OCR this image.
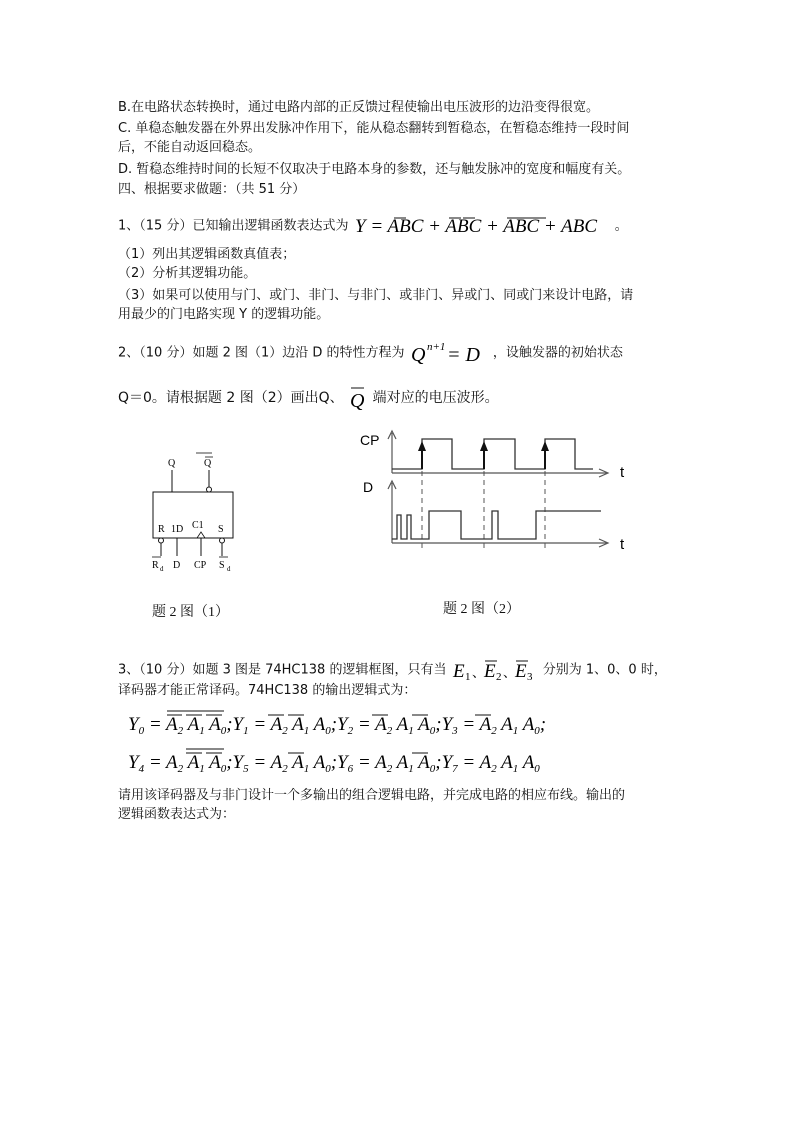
B.在电路状态转换时，通过电路内部的正反馈过程使输出电压波形的边沿变得很宽。
C. 单稳态触发器在外界出发脉冲作用下，能从稳态翻转到暂稳态，在暂稳态维持一段时间
后，不能自动返回稳态。
D. 暂稳态维持时间的长短不仅取决于电路本身的参数，还与触发脉冲的宽度和幅度有关。
四、根据要求做题：（共 51 分）
1、（15 分）已知输出逻辑函数表达式为 Y = ABC + ABC + ABC + ABC 。
（1）列出其逻辑函数真值表；
（2）分析其逻辑功能。
（3）如果可以使用与门、或门、非门、与非门、或非门、异或门、同或门来设计电路，请
用最少的门电路实现 Y 的逻辑功能。
2、（10 分）如题 2 图（1）边沿 D 的特性方程为 Q n+1 = D ，设触发器的初始状态
Q＝0。请根据题 2 图（2）画出Q、 Q 端对应的电压波形。
Q	Q
R 1D C1 S
R d D CP S d
题 2 图（1）
CP
t
D
t
题 2 图（2）
3、（10 分）如题 3 图是 74HC138 的逻辑框图，只有当 E 1 、
E 2 、
E 3 分别为 1、0、0 时，
译码器才能正常译码。74HC138 的输出逻辑式为：
$Y_0 = A_2$ $A_1$ $A_0;Y_1 = A_2$ $A_1$ $A_0;Y_2 = A_2$ $A_1$ $A_0;Y_3 = A_2$ $A_1$ $A_0$;
$Y_4 = A_2$ $A_1$ $A_0;Y_5 = A_2$ $A_1$ $A_0;Y_6 = A_2$ $A_1$ $A_0;Y_7 = A_2$ $A_1$ $A_0$
请用该译码器及与非门设计一个多输出的组合逻辑电路，并完成电路的相应布线。输出的
逻辑函数表达式为：
